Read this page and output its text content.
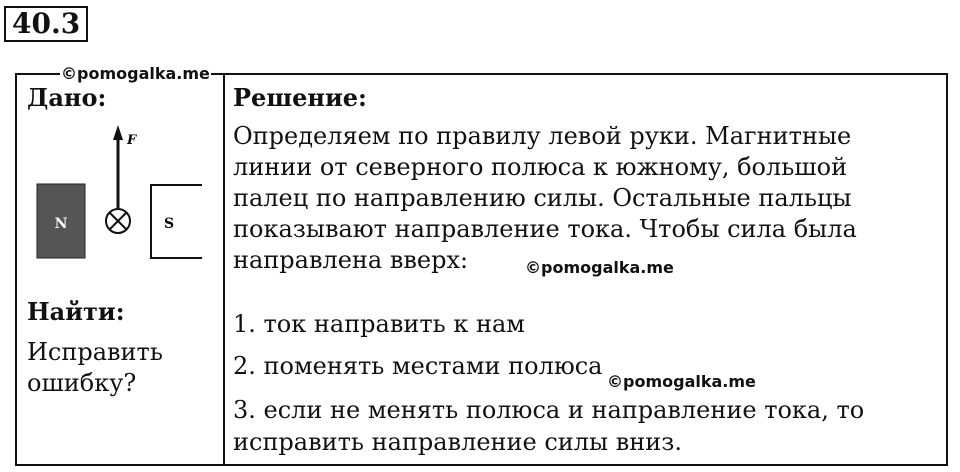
40.3
Дано:
N	S
F
Найти:
Исправить
ошибку?
Решение:
Определяем по правилу левой руки. Магнитные
линии от северного полюса к южному, большой
палец по направлению силы. Остальные пальцы
показывают направление тока. Чтобы сила была
направлена вверх:
1. ток направить к нам
2. поменять местами полюса
3. если не менять полюса и направление тока, то
исправить направление силы вниз.
©pomogalka.me
©pomogalka.me
©pomogalka.me
